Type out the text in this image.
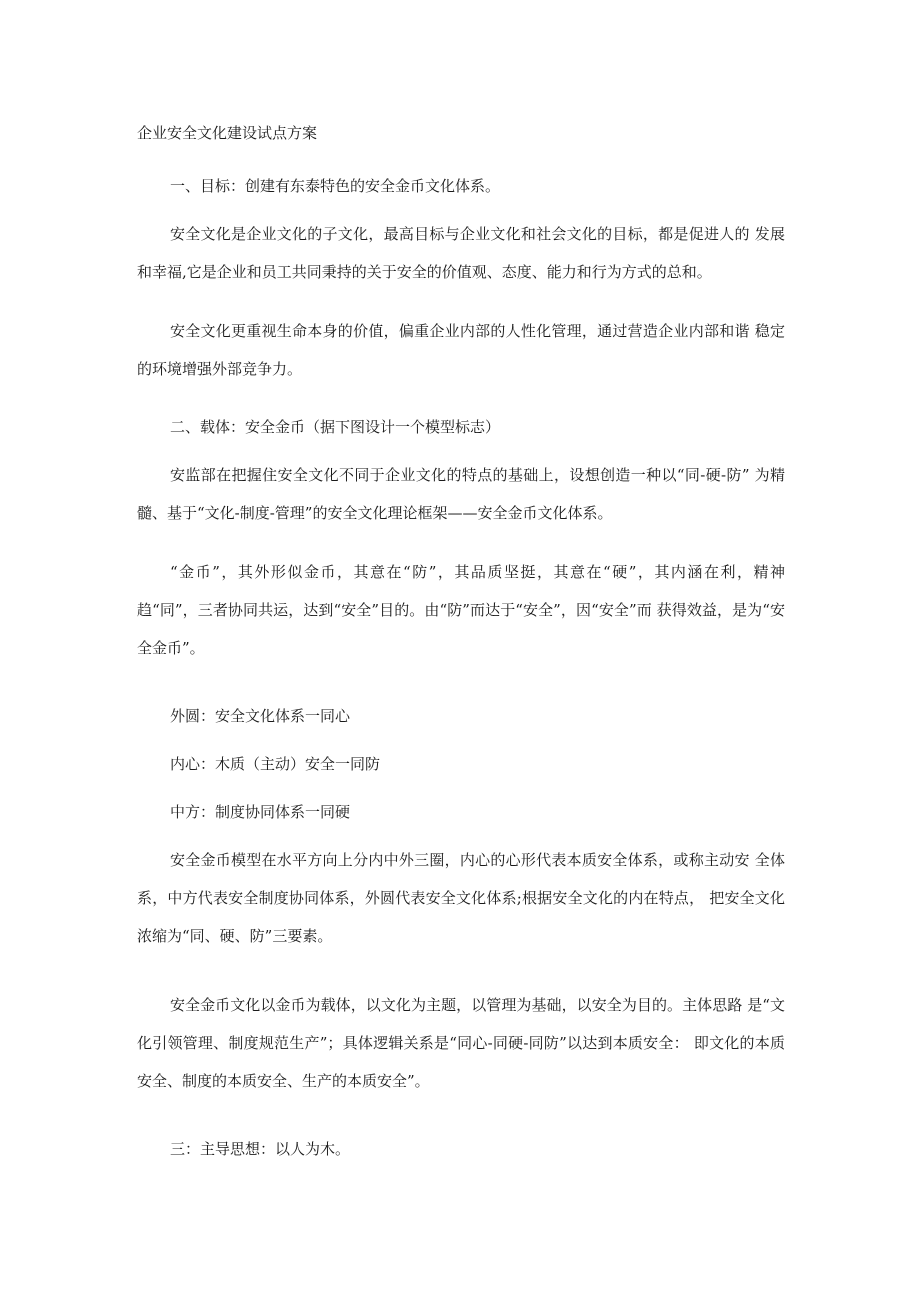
企业安全文化建设试点方案

一、目标：创建有东泰特色的安全金币文化体系。

安全文化是企业文化的子文化，最高目标与企业文化和社会文化的目标，都是促进人的 发展和幸福,它是企业和员工共同秉持的关于安全的价值观、态度、能力和行为方式的总和。

安全文化更重视生命本身的价值，偏重企业内部的人性化管理，通过营造企业内部和谐 稳定的环境增强外部竞争力。

二、载体：安全金币（据下图设计一个模型标志）

安监部在把握住安全文化不同于企业文化的特点的基础上，设想创造一种以“同-硬-防” 为精髓、基于“文化-制度-管理”的安全文化理论框架——安全金币文化体系。

“金币”，其外形似金币，其意在“防”，其品质坚挺，其意在“硬”，其内涵在利，精神趋“同”，三者协同共运，达到“安全”目的。由“防”而达于“安全”，因“安全”而 获得效益，是为“安全金币”。

外圆：安全文化体系一同心

内心：木质（主动）安全一同防

中方：制度协同体系一同硬

安全金币模型在水平方向上分内中外三圈，内心的心形代表本质安全体系，或称主动安 全体系，中方代表安全制度协同体系，外圆代表安全文化体系;根据安全文化的内在特点， 把安全文化浓缩为“同、硬、防”三要素。

安全金币文化以金币为载体，以文化为主题，以管理为基础，以安全为目的。主体思路 是“文化引领管理、制度规范生产”；具体逻辑关系是“同心-同硬-同防”以达到本质安全： 即文化的本质安全、制度的本质安全、生产的本质安全”。

三：主导思想：以人为木。
